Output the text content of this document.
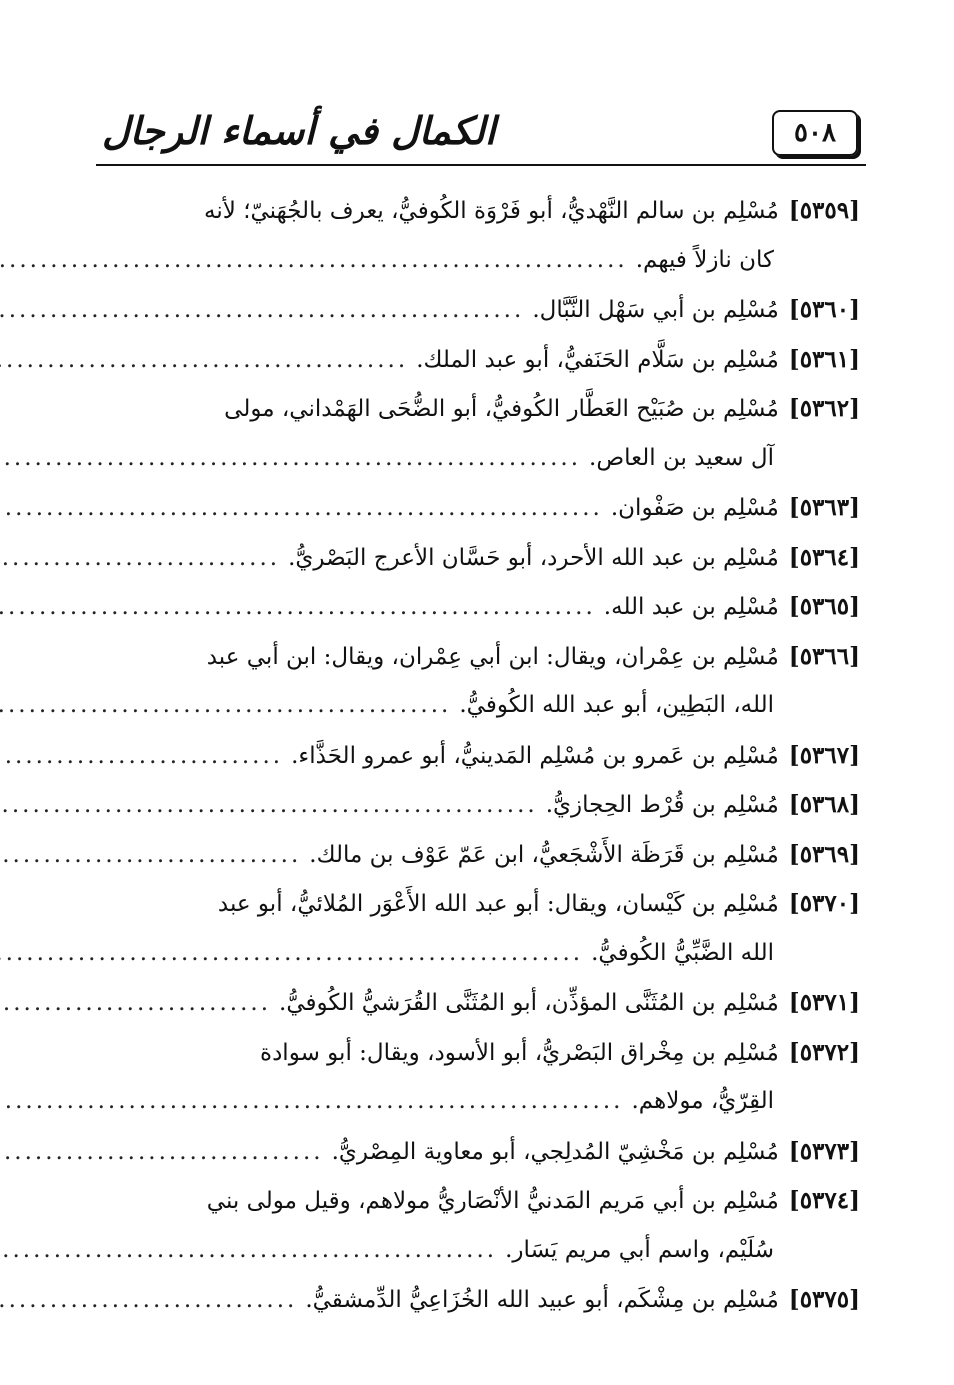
٥٠٨
الكمال في أسماء الرجال
[٥٣٥٩]
مُسْلِم بن سالم النَّهْديُّ، أبو فَرْوَة الكُوفيُّ، يعرف بالجُهَنيّ؛ لأنه
كان نازلاً فيهم.
.....
[٥٣٦٠]
مُسْلِم بن أبي سَهْل النَّبَّال.
.....
[٥٣٦١]
مُسْلِم بن سَلَّام الحَنَفيُّ، أبو عبد الملك.
.....
[٥٣٦٢]
مُسْلِم بن صُبَيْح العَطَّار الكُوفيُّ، أبو الضُّحَى الهَمْداني، مولى
آل سعيد بن العاص.
.....
[٥٣٦٣]
مُسْلِم بن صَفْوان.
.....
[٥٣٦٤]
مُسْلِم بن عبد الله الأحرد، أبو حَسَّان الأعرج البَصْريُّ.
.....
[٥٣٦٥]
مُسْلِم بن عبد الله.
.....
[٥٣٦٦]
مُسْلِم بن عِمْران، ويقال: ابن أبي عِمْران، ويقال: ابن أبي عبد
الله، البَطِين، أبو عبد الله الكُوفيُّ.
.....
[٥٣٦٧]
مُسْلِم بن عَمرو بن مُسْلِم المَدينيُّ، أبو عمرو الحَذَّاء.
.....
[٥٣٦٨]
مُسْلِم بن قُرْط الحِجازيُّ.
.....
[٥٣٦٩]
مُسْلِم بن قَرَظَة الأَشْجَعيُّ، ابن عَمّ عَوْف بن مالك.
.....
[٥٣٧٠]
مُسْلِم بن كَيْسان، ويقال: أبو عبد الله الأَعْوَر المُلائيُّ، أبو عبد
الله الضَّبِّيُّ الكُوفيُّ.
.....
[٥٣٧١]
مُسْلِم بن المُثَنَّى المؤذِّن، أبو المُثَنَّى القُرَشيُّ الكُوفيُّ.
.....
[٥٣٧٢]
مُسْلِم بن مِخْراق البَصْريُّ، أبو الأسود، ويقال: أبو سوادة
القِرّيُّ، مولاهم.
.....
[٥٣٧٣]
مُسْلِم بن مَخْشِيّ المُدلِجي، أبو معاوية المِصْريُّ.
.....
[٥٣٧٤]
مُسْلِم بن أبي مَريم المَدنيُّ الأنْصَاريُّ مولاهم، وقيل مولى بني
سُلَيْم، واسم أبي مريم يَسَار.
.....
[٥٣٧٥]
مُسْلِم بن مِشْكَم، أبو عبيد الله الخُزَاعِيُّ الدِّمشقيُّ.
.....
